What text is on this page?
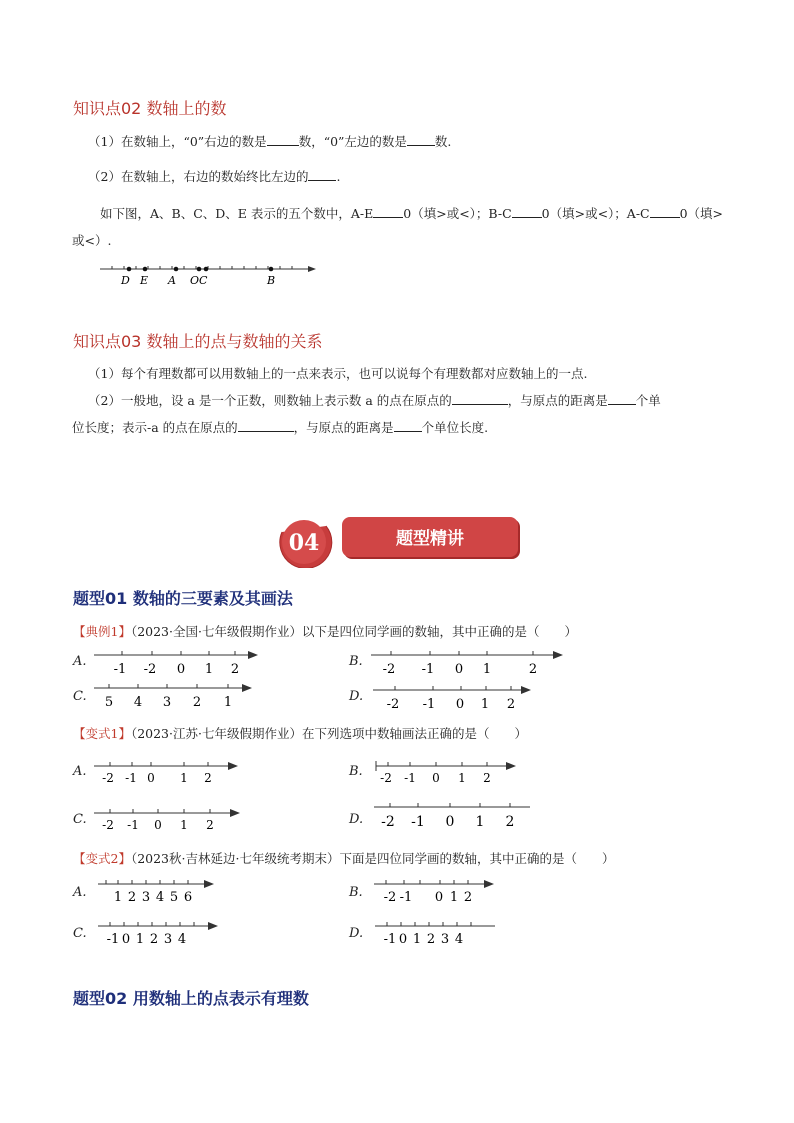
知识点02 数轴上的数
（1）在数轴上，“0”右边的数是	数，“0”左边的数是 数.
（2）在数轴上，右边的数始终比左边的 .
如下图，A、B、C、D、E 表示的五个数中，A-E 0（填>或<）；B-C 0（填>或<）；A-C 0（填>
或<）.
D E A O C	B
知识点03 数轴上的点与数轴的关系
（1）每个有理数都可以用数轴上的一点来表示，也可以说每个有理数都对应数轴上的一点.
（2）一般地，设 a 是一个正数，则数轴上表示数 a 的点在原点的	，与原点的距离是 个单
位长度；表示-a 的点在原点的	，与原点的距离是 个单位长度.
04	题型精讲
题型01 数轴的三要素及其画法
【典例1】（2023·全国·七年级假期作业）以下是四位同学画的数轴，其中正确的是（　　）
A.
-1 -2 0 1 2
B.
-2 -1 0 1	2
C. 5 4 3 2 1	D.
-2 -1 0 1 2
【变式1】（2023·江苏·七年级假期作业）在下列选项中数轴画法正确的是（　　）
A. -2 -1 0 1 2	B. -2 -1 0 1 2
C. -2 -1 0 1 2	D. -2 -1 0 1 2
【变式2】（2023秋·吉林延边·七年级统考期末）下面是四位同学画的数轴，其中正确的是（　　）
A. 1 2 3 4 5 6	B. -2 -1 0 1 2
C. -1 0 1 2 3 4	D. -1 0 1 2 3 4
题型02 用数轴上的点表示有理数
